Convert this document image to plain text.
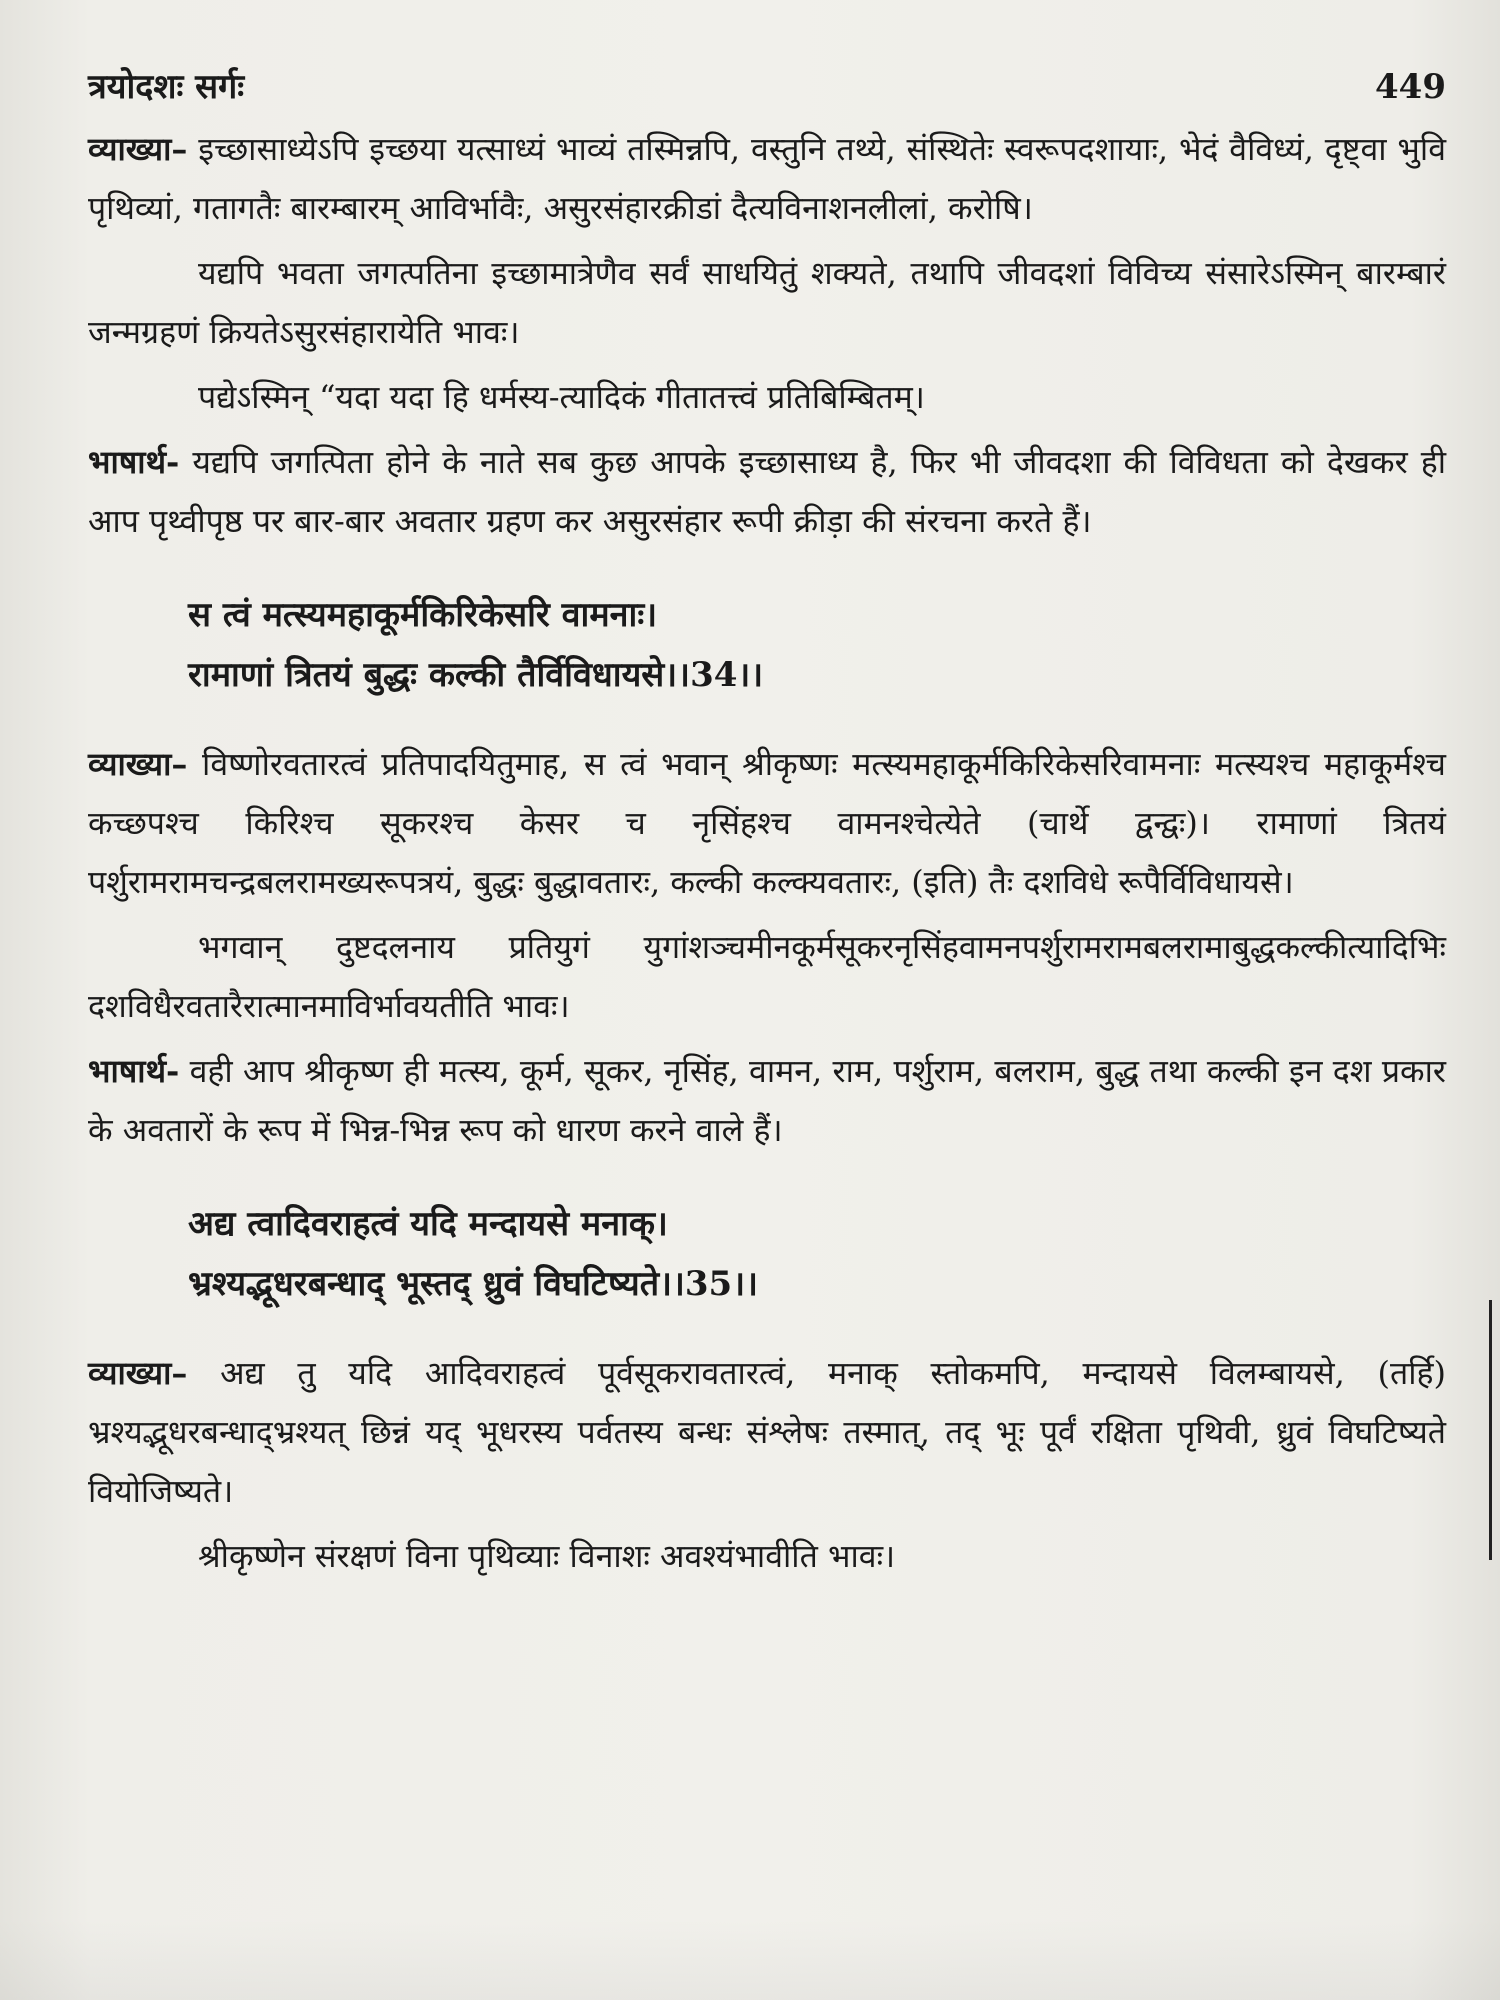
त्रयोदशः सर्गः	449

व्याख्या– इच्छासाध्येऽपि इच्छया यत्साध्यं भाव्यं तस्मिन्नपि, वस्तुनि तथ्ये, संस्थितेः स्वरूपदशायाः, भेदं वैविध्यं, दृष्ट्वा भुवि पृथिव्यां, गतागतैः बारम्बारम् आविर्भावैः, असुरसंहारक्रीडां दैत्यविनाशनलीलां, करोषि।

यद्यपि भवता जगत्पतिना इच्छामात्रेणैव सर्वं साधयितुं शक्यते, तथापि जीवदशां विविच्य संसारेऽस्मिन् बारम्बारं जन्मग्रहणं क्रियतेऽसुरसंहारायेति भावः।

पद्येऽस्मिन् “यदा यदा हि धर्मस्य-त्यादिकं गीतातत्त्वं प्रतिबिम्बितम्।

भाषार्थ- यद्यपि जगत्पिता होने के नाते सब कुछ आपके इच्छासाध्य है, फिर भी जीवदशा की विविधता को देखकर ही आप पृथ्वीपृष्ठ पर बार-बार अवतार ग्रहण कर असुरसंहार रूपी क्रीड़ा की संरचना करते हैं।

स त्वं मत्स्यमहाकूर्मकिरिकेसरि वामनाः।
रामाणां त्रितयं बुद्धः कल्की तैर्विविधायसे।।34।।

व्याख्या– विष्णोरवतारत्वं प्रतिपादयितुमाह, स त्वं भवान् श्रीकृष्णः मत्स्यमहाकूर्मकिरिकेसरिवामनाः मत्स्यश्च महाकूर्मश्च कच्छपश्च किरिश्च सूकरश्च केसर च नृसिंहश्च वामनश्चेत्येते (चार्थे द्वन्द्वः)। रामाणां त्रितयं पर्शुरामरामचन्द्रबलरामख्यरूपत्रयं, बुद्धः बुद्धावतारः, कल्की कल्क्यवतारः, (इति) तैः दशविधे रूपैर्विविधायसे।

भगवान् दुष्टदलनाय प्रतियुगं युगांशञ्चमीनकूर्मसूकरनृसिंहवामनपर्शुरामरामबलरामाबुद्धकल्कीत्यादिभिः दशविधैरवतारैरात्मानमाविर्भावयतीति भावः।

भाषार्थ- वही आप श्रीकृष्ण ही मत्स्य, कूर्म, सूकर, नृसिंह, वामन, राम, पर्शुराम, बलराम, बुद्ध तथा कल्की इन दश प्रकार के अवतारों के रूप में भिन्न-भिन्न रूप को धारण करने वाले हैं।

अद्य त्वादिवराहत्वं यदि मन्दायसे मनाक्।
भ्रश्यद्भूधरबन्धाद् भूस्तद् ध्रुवं विघटिष्यते।।35।।

व्याख्या– अद्य तु यदि आदिवराहत्वं पूर्वसूकरावतारत्वं, मनाक् स्तोकमपि, मन्दायसे विलम्बायसे, (तर्हि) भ्रश्यद्भूधरबन्धाद्भ्रश्यत् छिन्नं यद् भूधरस्य पर्वतस्य बन्धः संश्लेषः तस्मात्, तद् भूः पूर्वं रक्षिता पृथिवी, ध्रुवं विघटिष्यते वियोजिष्यते।

श्रीकृष्णेन संरक्षणं विना पृथिव्याः विनाशः अवश्यंभावीति भावः।
